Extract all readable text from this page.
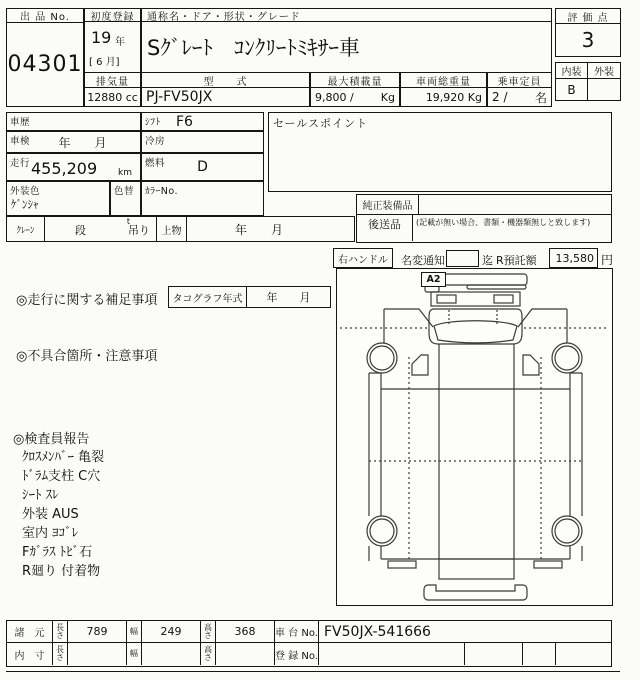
出 品 No.
04301
初度登録
19 年
[ 6 月]
通称名・ドア・形状・グレード
Sｸﾞﾚｰﾄ　ｺﾝｸﾘｰﾄﾐｷｻｰ車
排気量
12880 cc
型　　式
PJ-FV50JX
最大積載量
9,800 / Kg
車両総重量
19,920 Kg
乗車定員
2 / 名
評 価 点
3
内装	外装
B
車歴	ｼﾌﾄ F6
車検	年　　月	冷房
走行 455,209 km
燃料	D
外装色
ｹﾞﾝｼｬ
色替 ｶﾗｰNo.
ｸﾚｰﾝ	段
t
吊り	上物	年　　月
セールスポイント
純正装備品
後送品	(記載が無い場合、書類・機器類無しと致します)
右ハンドル	名変通知	迄 R預託額	13,580 円
◎走行に関する補足事項	タコグラフ年式	年　　月
◎不具合箇所・注意事項
◎検査員報告
ｸﾛｽﾒﾝﾊﾞｰ 亀裂
ﾄﾞﾗﾑ支柱 C穴
ｼｰﾄ ｽﾚ
外装 AUS
室内 ﾖｺﾞﾚ
Fｶﾞﾗｽ ﾄﾋﾞ石
R廻り 付着物
A2
諸　元
長さ	789	幅	249	高さ	368	車 台 No. FV50JX-541666
内　寸
長さ	幅	高さ	登 録 No.
